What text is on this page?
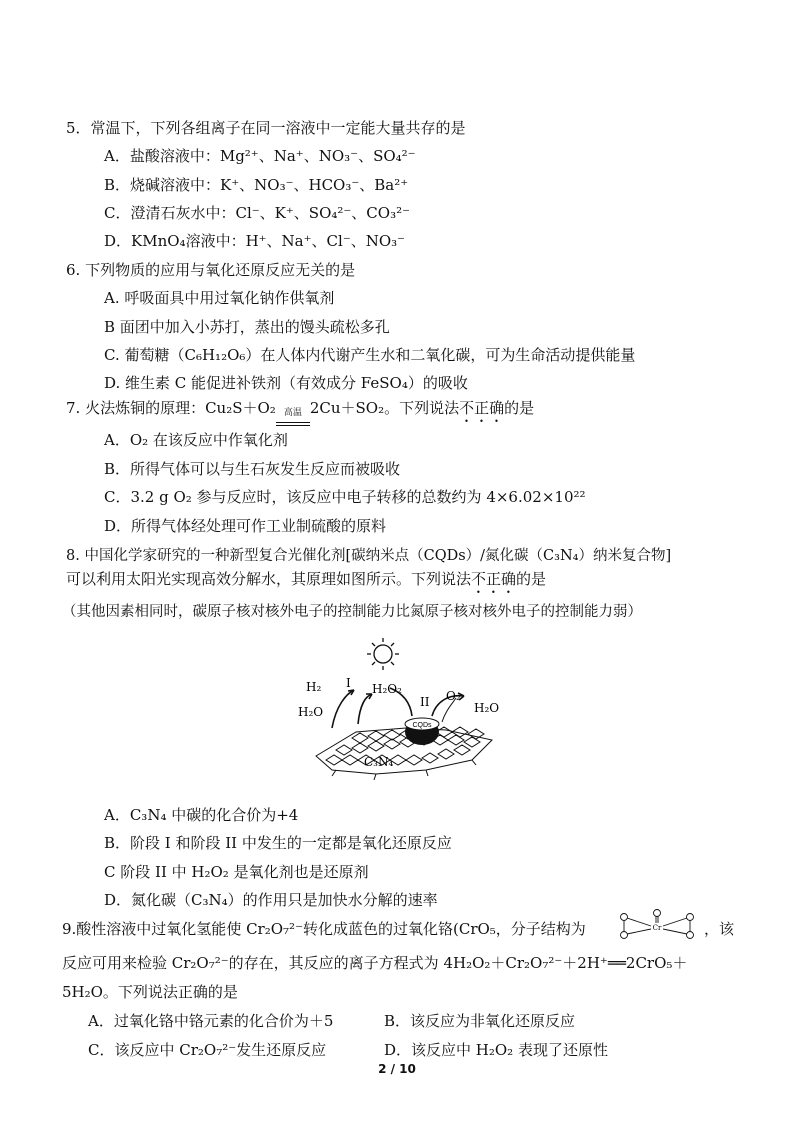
5．常温下，下列各组离子在同一溶液中一定能大量共存的是
A．盐酸溶液中：Mg²⁺、Na⁺、NO₃⁻、SO₄²⁻
B．烧碱溶液中：K⁺、NO₃⁻、HCO₃⁻、Ba²⁺
C．澄清石灰水中：Cl⁻、K⁺、SO₄²⁻、CO₃²⁻
D．KMnO₄溶液中：H⁺、Na⁺、Cl⁻、NO₃⁻
6. 下列物质的应用与氧化还原反应无关的是
A. 呼吸面具中用过氧化钠作供氧剂
B 面团中加入小苏打，蒸出的馒头疏松多孔
C. 葡萄糖（C₆H₁₂O₆）在人体内代谢产生水和二氧化碳，可为生命活动提供能量
D. 维生素 C 能促进补铁剂（有效成分 FeSO₄）的吸收
7. 火法炼铜的原理：Cu₂S＋O₂ 高温 2Cu＋SO₂。下列说法不正确的是
A．O₂ 在该反应中作氧化剂
B．所得气体可以与生石灰发生反应而被吸收
C．3.2 g O₂ 参与反应时，该反应中电子转移的总数约为 4×6.02×10²²
D．所得气体经处理可作工业制硫酸的原料
8. 中国化学家研究的一种新型复合光催化剂[碳纳米点（CQDs）/氮化碳（C₃N₄）纳米复合物]
可以利用太阳光实现高效分解水，其原理如图所示。下列说法不正确的是
（其他因素相同时，碳原子核对核外电子的控制能力比氮原子核对核外电子的控制能力弱）
CQDs
H₂
H₂O
I H₂O₂
II O₂
H₂O
C₃N₄
A．C₃N₄ 中碳的化合价为+4
B．阶段 I 和阶段 II 中发生的一定都是氧化还原反应
C 阶段 II 中 H₂O₂ 是氧化剂也是还原剂
D．氮化碳（C₃N₄）的作用只是加快水分解的速率
9.酸性溶液中过氧化氢能使 Cr₂O₇²⁻转化成蓝色的过氧化铬(CrO₅，分子结构为	Cr	，该
反应可用来检验 Cr₂O₇²⁻的存在，其反应的离子方程式为 4H₂O₂＋Cr₂O₇²⁻＋2H⁺══2CrO₅＋
5H₂O。下列说法正确的是
A．过氧化铬中铬元素的化合价为＋5	B．该反应为非氧化还原反应
C．该反应中 Cr₂O₇²⁻发生还原反应	D．该反应中 H₂O₂ 表现了还原性
2 / 10
